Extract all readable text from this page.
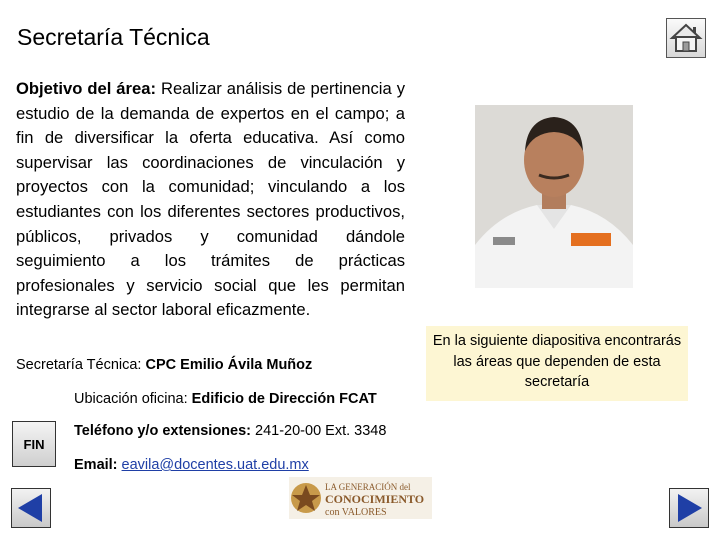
Secretaría Técnica
Objetivo del área: Realizar análisis de pertinencia y estudio de la demanda de expertos en el campo; a fin de diversificar la oferta educativa. Así como supervisar las coordinaciones de vinculación y proyectos con la comunidad; vinculando a los estudiantes con los diferentes sectores productivos, públicos, privados y comunidad dándole seguimiento a los trámites de prácticas profesionales y servicio social que les permitan integrarse al sector laboral eficazmente.
Secretaría Técnica: CPC Emilio Ávila Muñoz
Ubicación oficina: Edificio de Dirección FCAT
Teléfono y/o extensiones: 241-20-00 Ext. 3348
Email: eavila@docentes.uat.edu.mx
FIN
En la siguiente diapositiva encontrarás las áreas que dependen de esta secretaría
LA GENERACIÓN del
CONOCIMIENTO
con VALORES
